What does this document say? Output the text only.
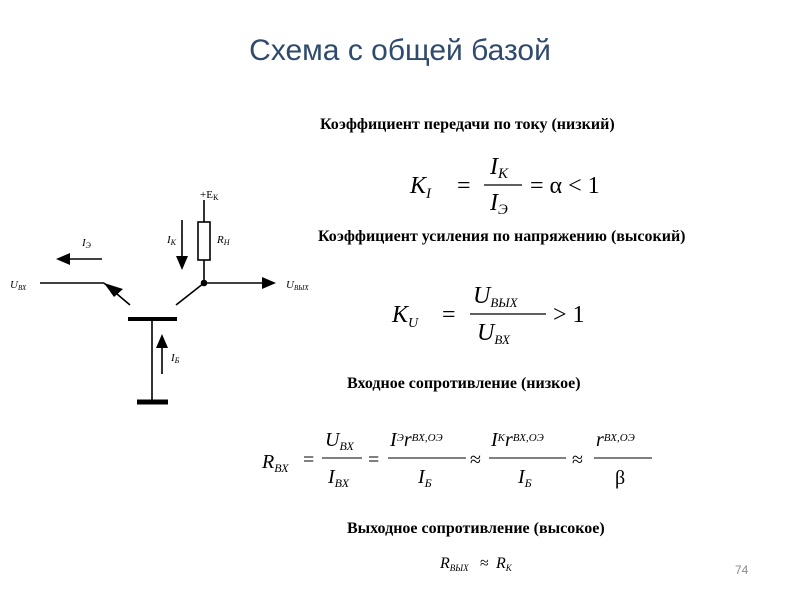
Схема с общей базой
Коэффициент передачи по току (низкий)
Коэффициент усиления по напряжению (высокий)
Входное сопротивление (низкое)
Выходное сопротивление (высокое)
UВХ	UВЫХ
IЭ	IК	RН
+EК
IБ
$K_I$ =
IК
IЭ
= α < 1
$K_U$ =
UВЫХ
UВХ
> 1
$R_{ВХ}$ =
$U_{ВХ}$
$I_{ВХ}$
=
$I^Эr^{ВХ,ОЭ}$
$I_Б$
≈
$I^Кr^{ВХ,ОЭ}$
$I_Б$
≈
$r^{ВХ,ОЭ}$
β
RВЫХ ≈ RК	74
